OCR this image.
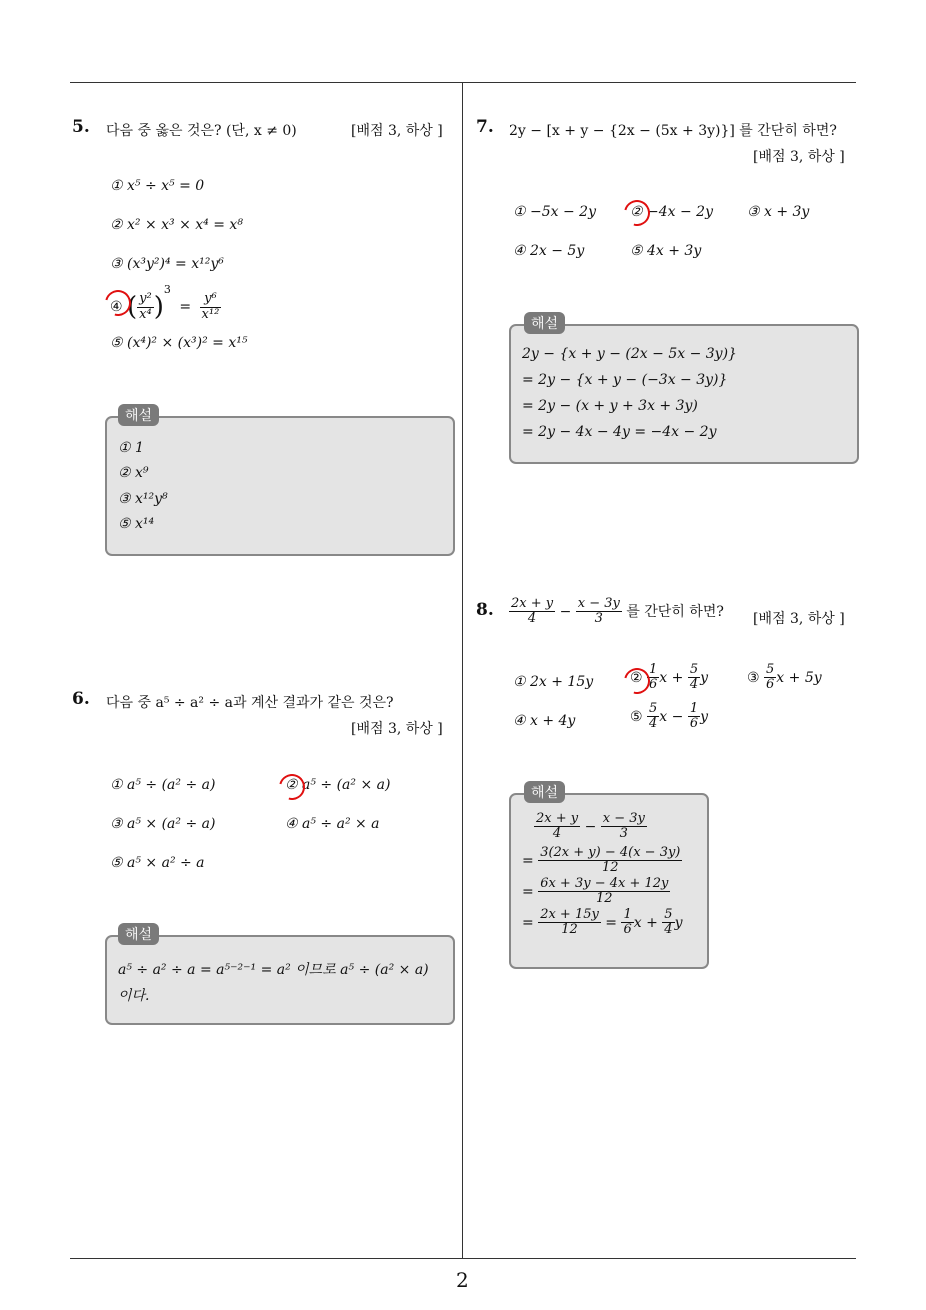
5. 다음 중 옳은 것은? (단, x ≠ 0)	[배점 3, 하상 ]
① x⁵ ÷ x⁵ = 0
② x² × x³ × x⁴ = x⁸
③ (x³y²)⁴ = x¹²y⁶
④ ( $\frac{\text{y²}}{\text{x⁴}} )^3 = \frac{\text{y⁶}}{\text{x¹²}}$
⑤ (x⁴)² × (x³)² = x¹⁵
해설
① 1
② x⁹
③ x¹²y⁸
⑤ x¹⁴
6. 다음 중 a⁵ ÷ a² ÷ a과 계산 결과가 같은 것은?
[배점 3, 하상 ]
① a⁵ ÷ (a² ÷ a)	② a⁵ ÷ (a² × a)
③ a⁵ × (a² ÷ a)	④ a⁵ ÷ a² × a
⑤ a⁵ × a² ÷ a
해설
a⁵ ÷ a² ÷ a = a⁵⁻²⁻¹ = a² 이므로 a⁵ ÷ (a² × a)
이다.
7. 2y − [x + y − {2x − (5x + 3y)}] 를 간단히 하면?
[배점 3, 하상 ]
① −5x − 2y ② −4x − 2y ③ x + 3y
④ 2x − 5y	⑤ 4x + 3y
해설
2y − {x + y − (2x − 5x − 3y)}
= 2y − {x + y − (−3x − 3y)}
= 2y − (x + y + 3x + 3y)
= 2y − 4x − 4y = −4x − 2y
8. $\frac{2x + y}{4} - \frac{x - 3y}{3}$ 를 간단히 하면? [배점 3, 하상 ]
① 2x + 15y	② $\frac{1}{6}$ $x + \frac{5}{4}$ y	③ $\frac{5}{6}$ x + 5y
④ x + 4y	⑤ $\frac{5}{4}$ $x - \frac{1}{6}$ y
해설
$\frac{2x + y}{4} - \frac{x - 3y}{3}$
= $\frac{3(2x + y) - 4(x - 3y)}{12}$
= $\frac{6x + 3y - 4x + 12y}{12}$
= $\frac{2x + 15y}{12} = \frac{1}{6}$ $x + \frac{5}{4}$ y
2
